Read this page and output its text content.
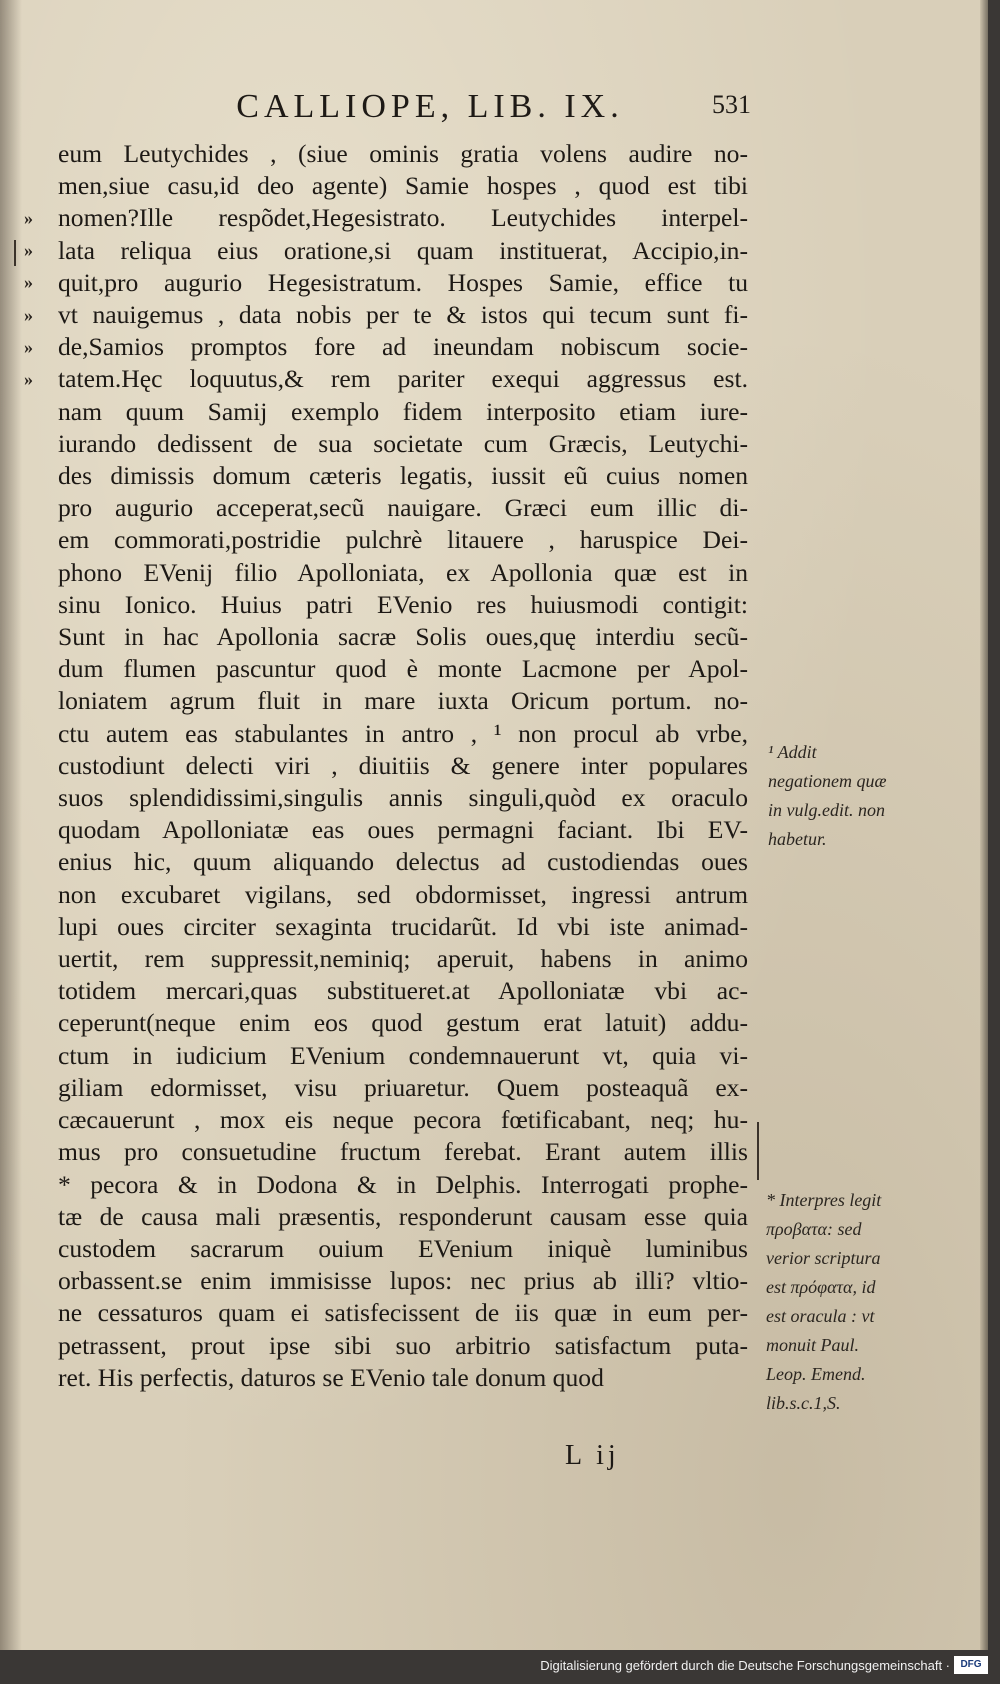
CALLIOPE, LIB. IX.	531
»
»
»
»
»
»
eum Leutychides , (siue ominis gratia volens audire no-
men,siue casu,id deo agente) Samie hospes , quod est tibi
nomen?Ille respõdet,Hegesistrato. Leutychides interpel-
lata reliqua eius oratione,si quam instituerat, Accipio,in-
quit,pro augurio Hegesistratum. Hospes Samie, effice tu
vt nauigemus , data nobis per te & istos qui tecum sunt fi-
de,Samios promptos fore ad ineundam nobiscum socie-
tatem.Hęc loquutus,& rem pariter exequi aggressus est.
nam quum Samij exemplo fidem interposito etiam iure-
iurando dedissent de sua societate cum Græcis, Leutychi-
des dimissis domum cæteris legatis, iussit eũ cuius nomen
pro augurio acceperat,secũ nauigare. Græci eum illic di-
em commorati,postridie pulchrè litauere , haruspice Dei-
phono EVenij filio Apolloniata, ex Apollonia quæ est in
sinu Ionico. Huius patri EVenio res huiusmodi contigit:
Sunt in hac Apollonia sacræ Solis oues,quę interdiu secũ-
dum flumen pascuntur quod è monte Lacmone per Apol-
loniatem agrum fluit in mare iuxta Oricum portum. no-
ctu autem eas stabulantes in antro , ¹ non procul ab vrbe,
custodiunt delecti viri , diuitiis & genere inter populares
suos splendidissimi,singulis annis singuli,quòd ex oraculo
quodam Apolloniatæ eas oues permagni faciant. Ibi EV-
enius hic, quum aliquando delectus ad custodiendas oues
non excubaret vigilans, sed obdormisset, ingressi antrum
lupi oues circiter sexaginta trucidarũt. Id vbi iste animad-
uertit, rem suppressit,neminiq; aperuit, habens in animo
totidem mercari,quas substitueret.at Apolloniatæ vbi ac-
ceperunt(neque enim eos quod gestum erat latuit) addu-
ctum in iudicium EVenium condemnauerunt vt, quia vi-
giliam edormisset, visu priuaretur. Quem posteaquã ex-
cæcauerunt , mox eis neque pecora fœtificabant, neq; hu-
mus pro consuetudine fructum ferebat. Erant autem illis
* pecora & in Dodona & in Delphis. Interrogati prophe-
tæ de causa mali præsentis, responderunt causam esse quia
custodem sacrarum ouium EVenium iniquè luminibus
orbassent.se enim immisisse lupos: nec prius ab illi? vltio-
ne cessaturos quam ei satisfecissent de iis quæ in eum per-
petrassent, prout ipse sibi suo arbitrio satisfactum puta-
ret. His perfectis, daturos se EVenio tale donum quod
¹ Addit negationem quæ in vulg.edit. non habetur.
* Interpres legit προβατα: sed verior scriptura est πρόφατα, id est oracula : vt monuit Paul. Leop. Emend. lib.s.c.1,S.
L ij
Digitalisierung gefördert durch die Deutsche Forschungsgemeinschaft ·	DFG
